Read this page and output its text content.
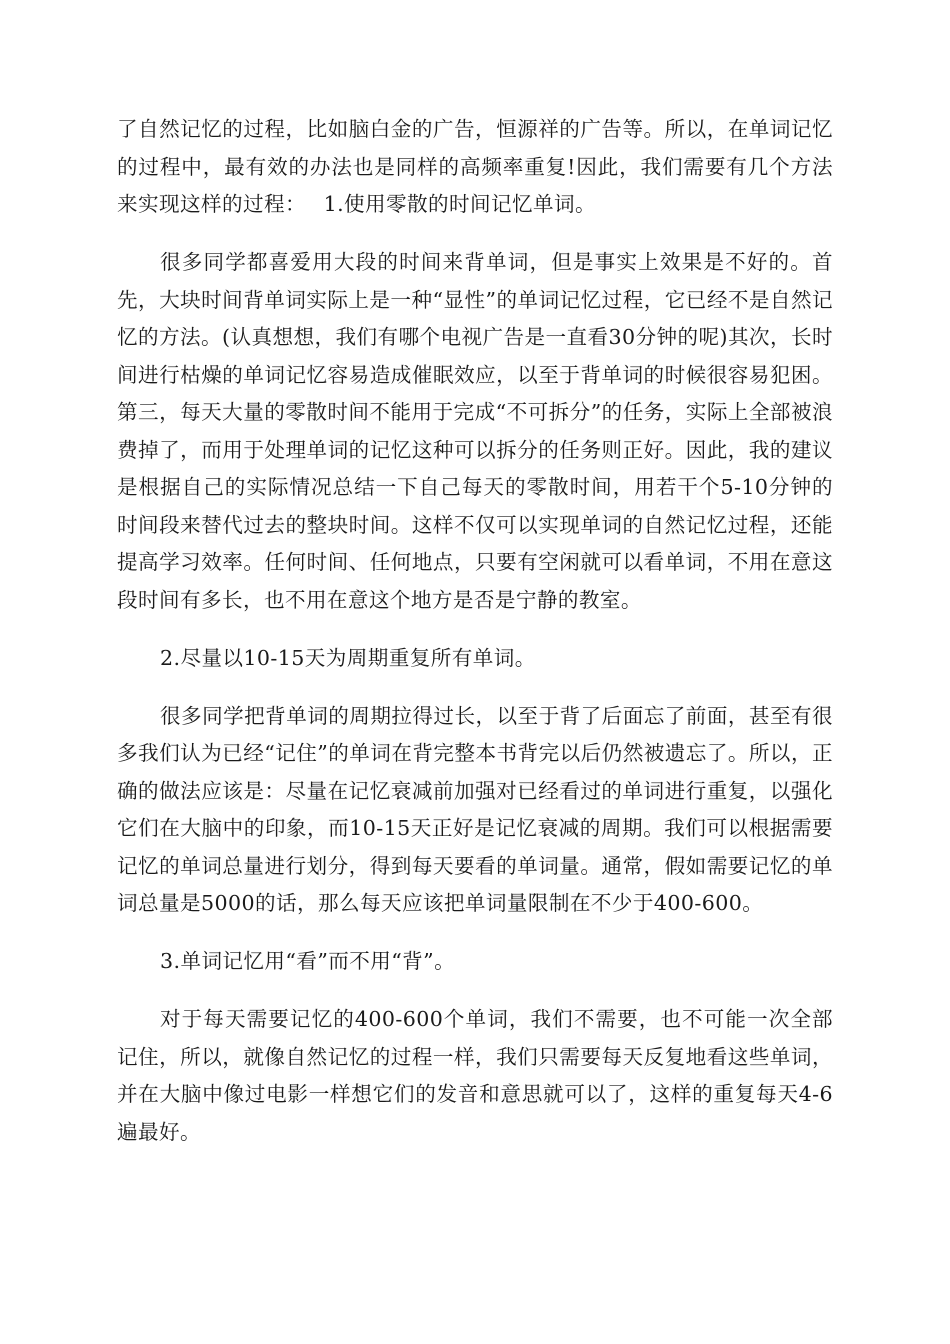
了自然记忆的过程，比如脑白金的广告，恒源祥的广告等。所以，在单词记忆的过程中，最有效的办法也是同样的高频率重复!因此，我们需要有几个方法来实现这样的过程：　 1.使用零散的时间记忆单词。

很多同学都喜爱用大段的时间来背单词，但是事实上效果是不好的。首先，大块时间背单词实际上是一种“显性”的单词记忆过程，它已经不是自然记忆的方法。(认真想想，我们有哪个电视广告是一直看30分钟的呢)其次，长时间进行枯燥的单词记忆容易造成催眠效应，以至于背单词的时候很容易犯困。第三，每天大量的零散时间不能用于完成“不可拆分”的任务，实际上全部被浪费掉了，而用于处理单词的记忆这种可以拆分的任务则正好。因此，我的建议是根据自己的实际情况总结一下自己每天的零散时间，用若干个5-10分钟的时间段来替代过去的整块时间。这样不仅可以实现单词的自然记忆过程，还能提高学习效率。任何时间、任何地点，只要有空闲就可以看单词，不用在意这段时间有多长，也不用在意这个地方是否是宁静的教室。

2.尽量以10-15天为周期重复所有单词。

很多同学把背单词的周期拉得过长，以至于背了后面忘了前面，甚至有很多我们认为已经“记住”的单词在背完整本书背完以后仍然被遗忘了。所以，正确的做法应该是：尽量在记忆衰减前加强对已经看过的单词进行重复，以强化它们在大脑中的印象，而10-15天正好是记忆衰减的周期。我们可以根据需要记忆的单词总量进行划分，得到每天要看的单词量。通常，假如需要记忆的单词总量是5000的话，那么每天应该把单词量限制在不少于400-600。

3.单词记忆用“看”而不用“背”。

对于每天需要记忆的400-600个单词，我们不需要，也不可能一次全部记住，所以，就像自然记忆的过程一样，我们只需要每天反复地看这些单词，并在大脑中像过电影一样想它们的发音和意思就可以了，这样的重复每天4-6遍最好。
